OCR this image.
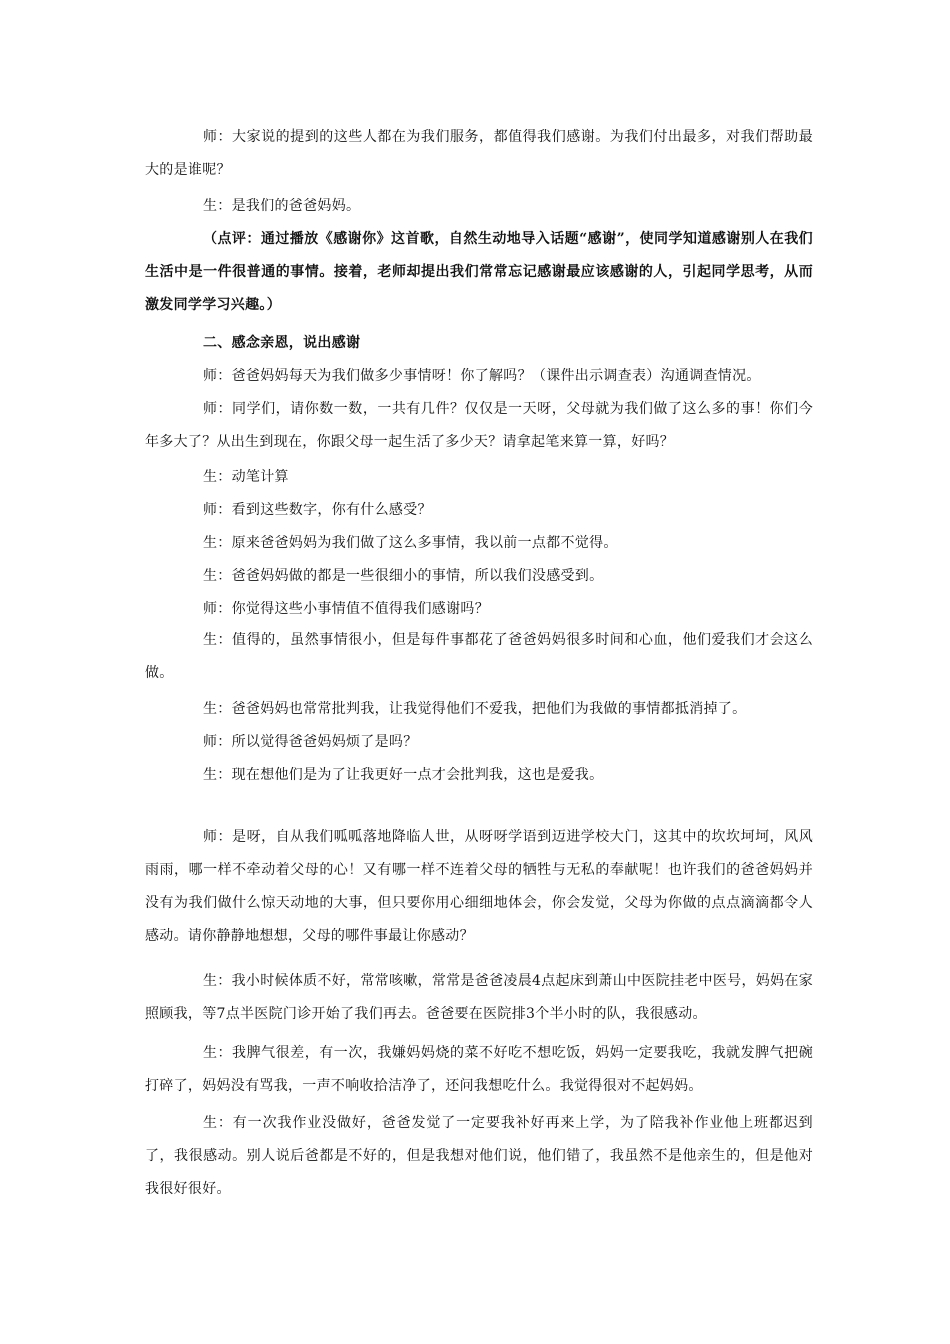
师：大家说的提到的这些人都在为我们服务，都值得我们感谢。为我们付出最多，对我们帮助最大的是谁呢？

生：是我们的爸爸妈妈。

（点评：通过播放《感谢你》这首歌，自然生动地导入话题“感谢”，使同学知道感谢别人在我们生活中是一件很普通的事情。接着，老师却提出我们常常忘记感谢最应该感谢的人，引起同学思考，从而激发同学学习兴趣。）

二、感念亲恩，说出感谢

师：爸爸妈妈每天为我们做多少事情呀！你了解吗？（课件出示调查表）沟通调查情况。

师：同学们，请你数一数，一共有几件？仅仅是一天呀，父母就为我们做了这么多的事！你们今年多大了？从出生到现在，你跟父母一起生活了多少天？请拿起笔来算一算，好吗？

生：动笔计算

师：看到这些数字，你有什么感受？

生：原来爸爸妈妈为我们做了这么多事情，我以前一点都不觉得。

生：爸爸妈妈做的都是一些很细小的事情，所以我们没感受到。

师：你觉得这些小事情值不值得我们感谢吗？

生：值得的，虽然事情很小，但是每件事都花了爸爸妈妈很多时间和心血，他们爱我们才会这么做。

生：爸爸妈妈也常常批判我，让我觉得他们不爱我，把他们为我做的事情都抵消掉了。

师：所以觉得爸爸妈妈烦了是吗？

生：现在想他们是为了让我更好一点才会批判我，这也是爱我。

师：是呀，自从我们呱呱落地降临人世，从呀呀学语到迈进学校大门，这其中的坎坎坷坷，风风雨雨，哪一样不牵动着父母的心！又有哪一样不连着父母的牺牲与无私的奉献呢！也许我们的爸爸妈妈并没有为我们做什么惊天动地的大事，但只要你用心细细地体会，你会发觉，父母为你做的点点滴滴都令人感动。请你静静地想想，父母的哪件事最让你感动？

生：我小时候体质不好，常常咳嗽，常常是爸爸凌晨4点起床到萧山中医院挂老中医号，妈妈在家照顾我，等7点半医院门诊开始了我们再去。爸爸要在医院排3个半小时的队，我很感动。

生：我脾气很差，有一次，我嫌妈妈烧的菜不好吃不想吃饭，妈妈一定要我吃，我就发脾气把碗打碎了，妈妈没有骂我，一声不响收拾洁净了，还问我想吃什么。我觉得很对不起妈妈。

生：有一次我作业没做好，爸爸发觉了一定要我补好再来上学，为了陪我补作业他上班都迟到了，我很感动。别人说后爸都是不好的，但是我想对他们说，他们错了，我虽然不是他亲生的，但是他对我很好很好。
